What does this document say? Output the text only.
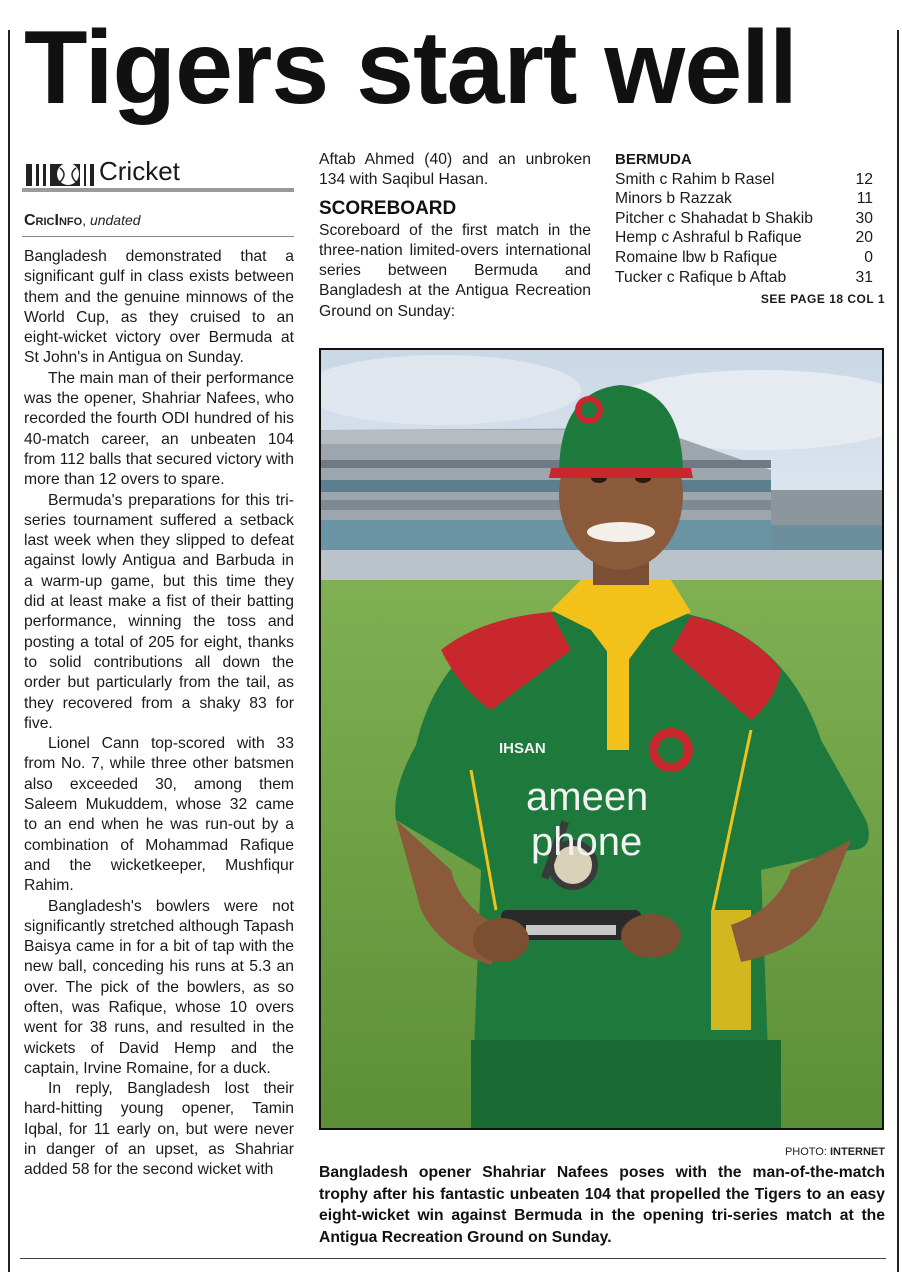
Tigers start well
Cricket
CricInfo, undated

Bangladesh demonstrated that a significant gulf in class exists between them and the genuine minnows of the World Cup, as they cruised to an eight-wicket victory over Bermuda at St John's in Antigua on Sunday.

The main man of their performance was the opener, Shahriar Nafees, who recorded the fourth ODI hundred of his 40-match career, an unbeaten 104 from 112 balls that secured victory with more than 12 overs to spare.

Bermuda's preparations for this tri-series tournament suffered a setback last week when they slipped to defeat against lowly Antigua and Barbuda in a warm-up game, but this time they did at least make a fist of their batting performance, winning the toss and posting a total of 205 for eight, thanks to solid contributions all down the order but particularly from the tail, as they recovered from a shaky 83 for five.

Lionel Cann top-scored with 33 from No. 7, while three other batsmen also exceeded 30, among them Saleem Mukuddem, whose 32 came to an end when he was run-out by a combination of Mohammad Rafique and the wicketkeeper, Mushfiqur Rahim.

Bangladesh's bowlers were not significantly stretched although Tapash Baisya came in for a bit of tap with the new ball, conceding his runs at 5.3 an over. The pick of the bowlers, as so often, was Rafique, whose 10 overs went for 38 runs, and resulted in the wickets of David Hemp and the captain, Irvine Romaine, for a duck.

In reply, Bangladesh lost their hard-hitting young opener, Tamin Iqbal, for 11 early on, but were never in danger of an upset, as Shahriar added 58 for the second wicket with

Aftab Ahmed (40) and an unbroken 134 with Saqibul Hasan.

SCOREBOARD

Scoreboard of the first match in the three-nation limited-overs international series between Bermuda and Bangladesh at the Antigua Recreation Ground on Sunday:

BERMUDA
Smith c Rahim b Rasel	12
Minors b Razzak	11
Pitcher c Shahadat b Shakib	30
Hemp c Ashraful b Rafique	20
Romaine lbw b Rafique	0
Tucker c Rafique b Aftab	31
SEE PAGE 18 COL 1
IHSAN
ameen
phone
PHOTO: INTERNET
Bangladesh opener Shahriar Nafees poses with the man-of-the-match trophy after his fantastic unbeaten 104 that propelled the Tigers to an easy eight-wicket win against Bermuda in the opening tri-series match at the Antigua Recreation Ground on Sunday.
